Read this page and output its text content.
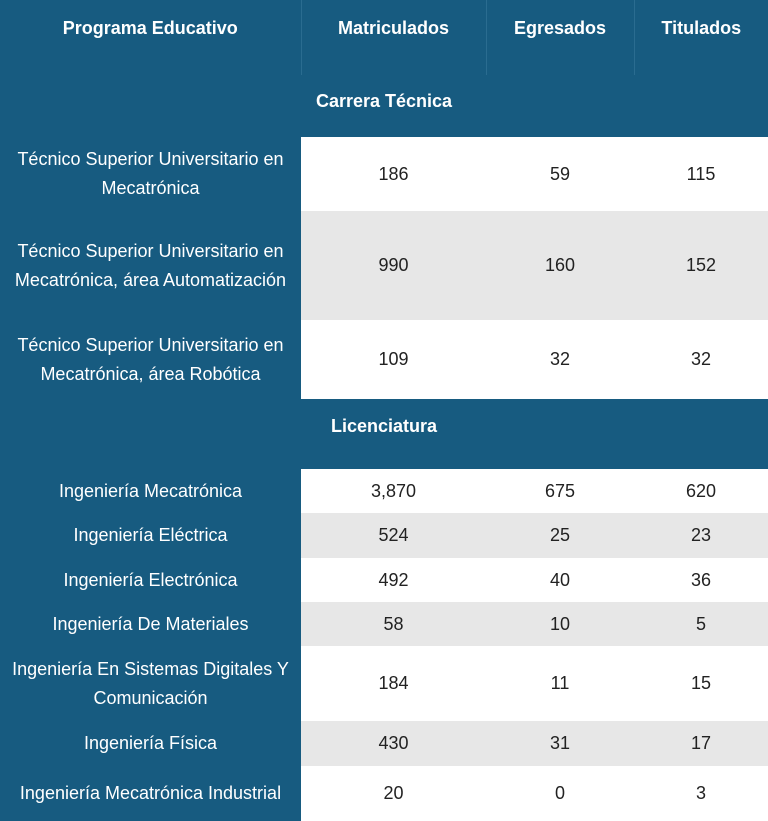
Programa Educativo	Matriculados	Egresados	Titulados
Carrera Técnica			
Técnico Superior Universitario en Mecatrónica	186	59	115
Técnico Superior Universitario en Mecatrónica, área Automatización	990	160	152
Técnico Superior Universitario en Mecatrónica, área Robótica	109	32	32
Licenciatura			
Ingeniería Mecatrónica	3,870	675	620
Ingeniería Eléctrica	524	25	23
Ingeniería Electrónica	492	40	36
Ingeniería De Materiales	58	10	5
Ingeniería En Sistemas Digitales Y Comunicación	184	11	15
Ingeniería Física	430	31	17
Ingeniería Mecatrónica Industrial	20	0	3
